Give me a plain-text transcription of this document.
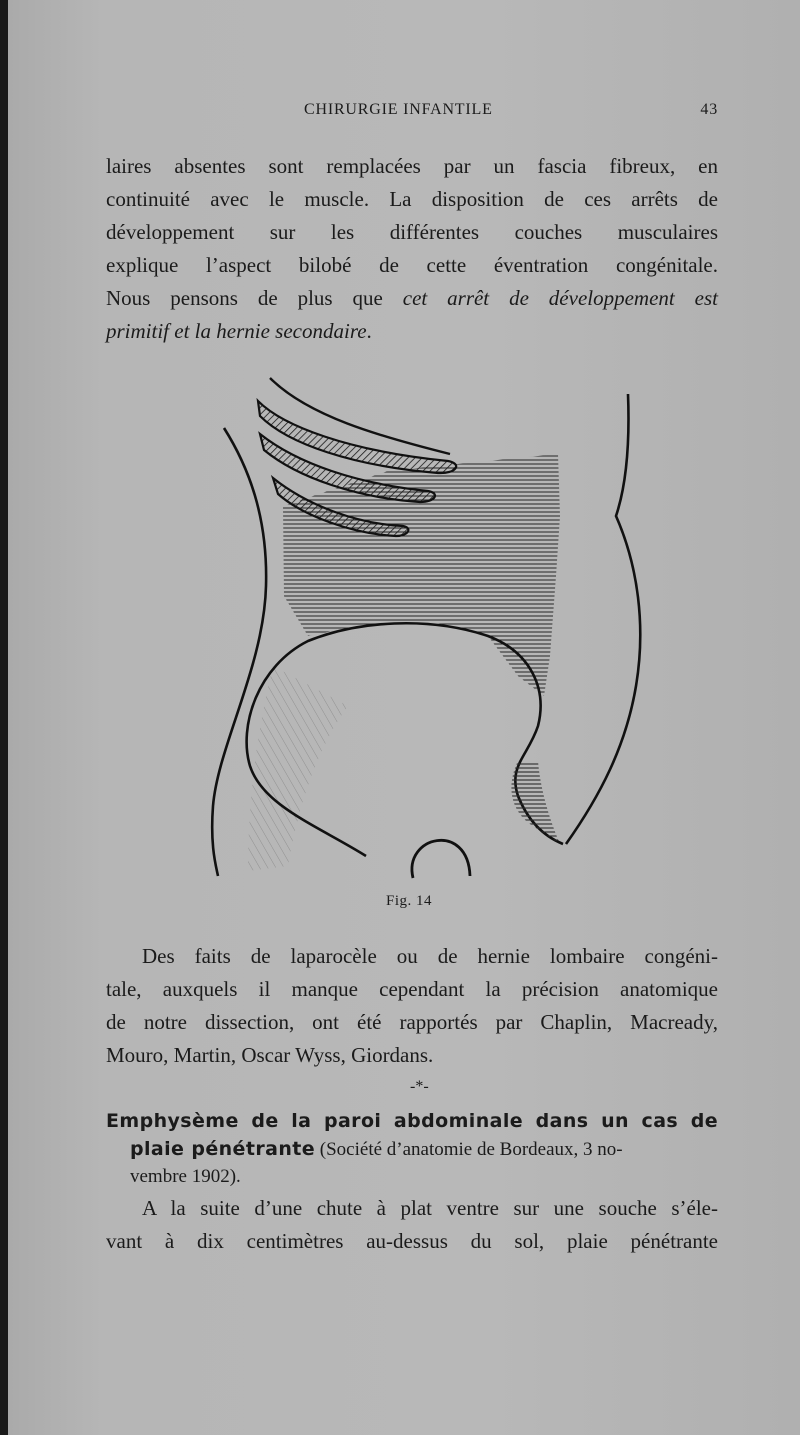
CHIRURGIE INFANTILE	43
laires absentes sont remplacées par un fascia fibreux, en
continuité avec le muscle. La disposition de ces arrêts de
développement sur les différentes couches musculaires
explique l’aspect bilobé de cette éventration congénitale.
Nous pensons de plus que cet arrêt de développement est
primitif et la hernie secondaire.
Fig. 14
Des faits de laparocèle ou de hernie lombaire congéni-
tale, auxquels il manque cependant la précision anatomique
de notre dissection, ont été rapportés par Chaplin, Macready,
Mouro, Martin, Oscar Wyss, Giordans.
-*-
Emphysème de la paroi abdominale dans un cas de
plaie pénétrante (Société d’anatomie de Bordeaux, 3 no-
vembre 1902).
A la suite d’une chute à plat ventre sur une souche s’éle-
vant à dix centimètres au-dessus du sol, plaie pénétrante
